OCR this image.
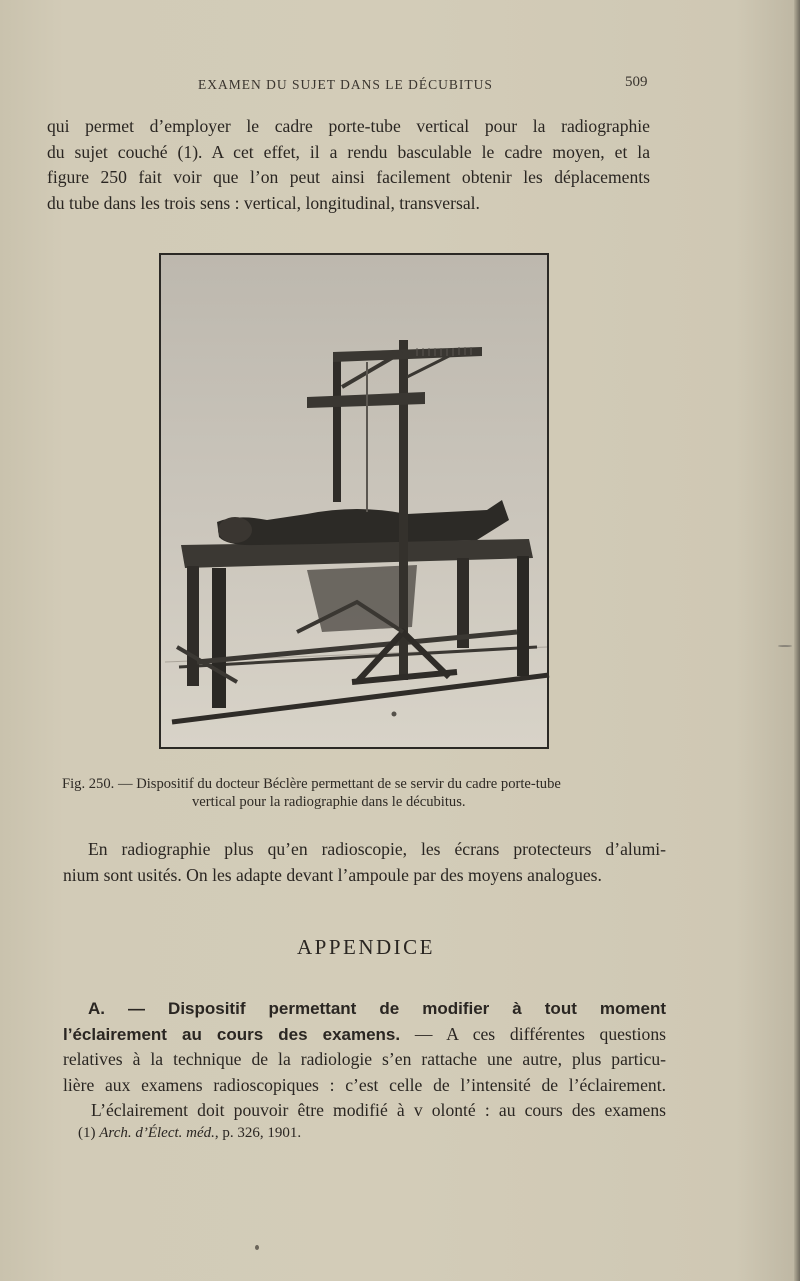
EXAMEN DU SUJET DANS LE DÉCUBITUS	509
qui permet d’employer le cadre porte-tube vertical pour la radiographie
du sujet couché (1). A cet effet, il a rendu basculable le cadre moyen, et la
figure 250 fait voir que l’on peut ainsi facilement obtenir les déplacements
du tube dans les trois sens : vertical, longitudinal, transversal.
Fig. 250. — Dispositif du docteur Béclère permettant de se servir du cadre porte-tube
vertical pour la radiographie dans le décubitus.
En radiographie plus qu’en radioscopie, les écrans protecteurs d’alumi-
nium sont usités. On les adapte devant l’ampoule par des moyens analogues.
APPENDICE
A. — Dispositif permettant de modifier à tout moment
l’éclairement au cours des examens. — A ces différentes questions
relatives à la technique de la radiologie s’en rattache une autre, plus particu-
lière aux examens radioscopiques : c’est celle de l’intensité de l’éclairement.
L’éclairement doit pouvoir être modifié à v olonté : au cours des examens
(1) Arch. d’Élect. méd., p. 326, 1901.
